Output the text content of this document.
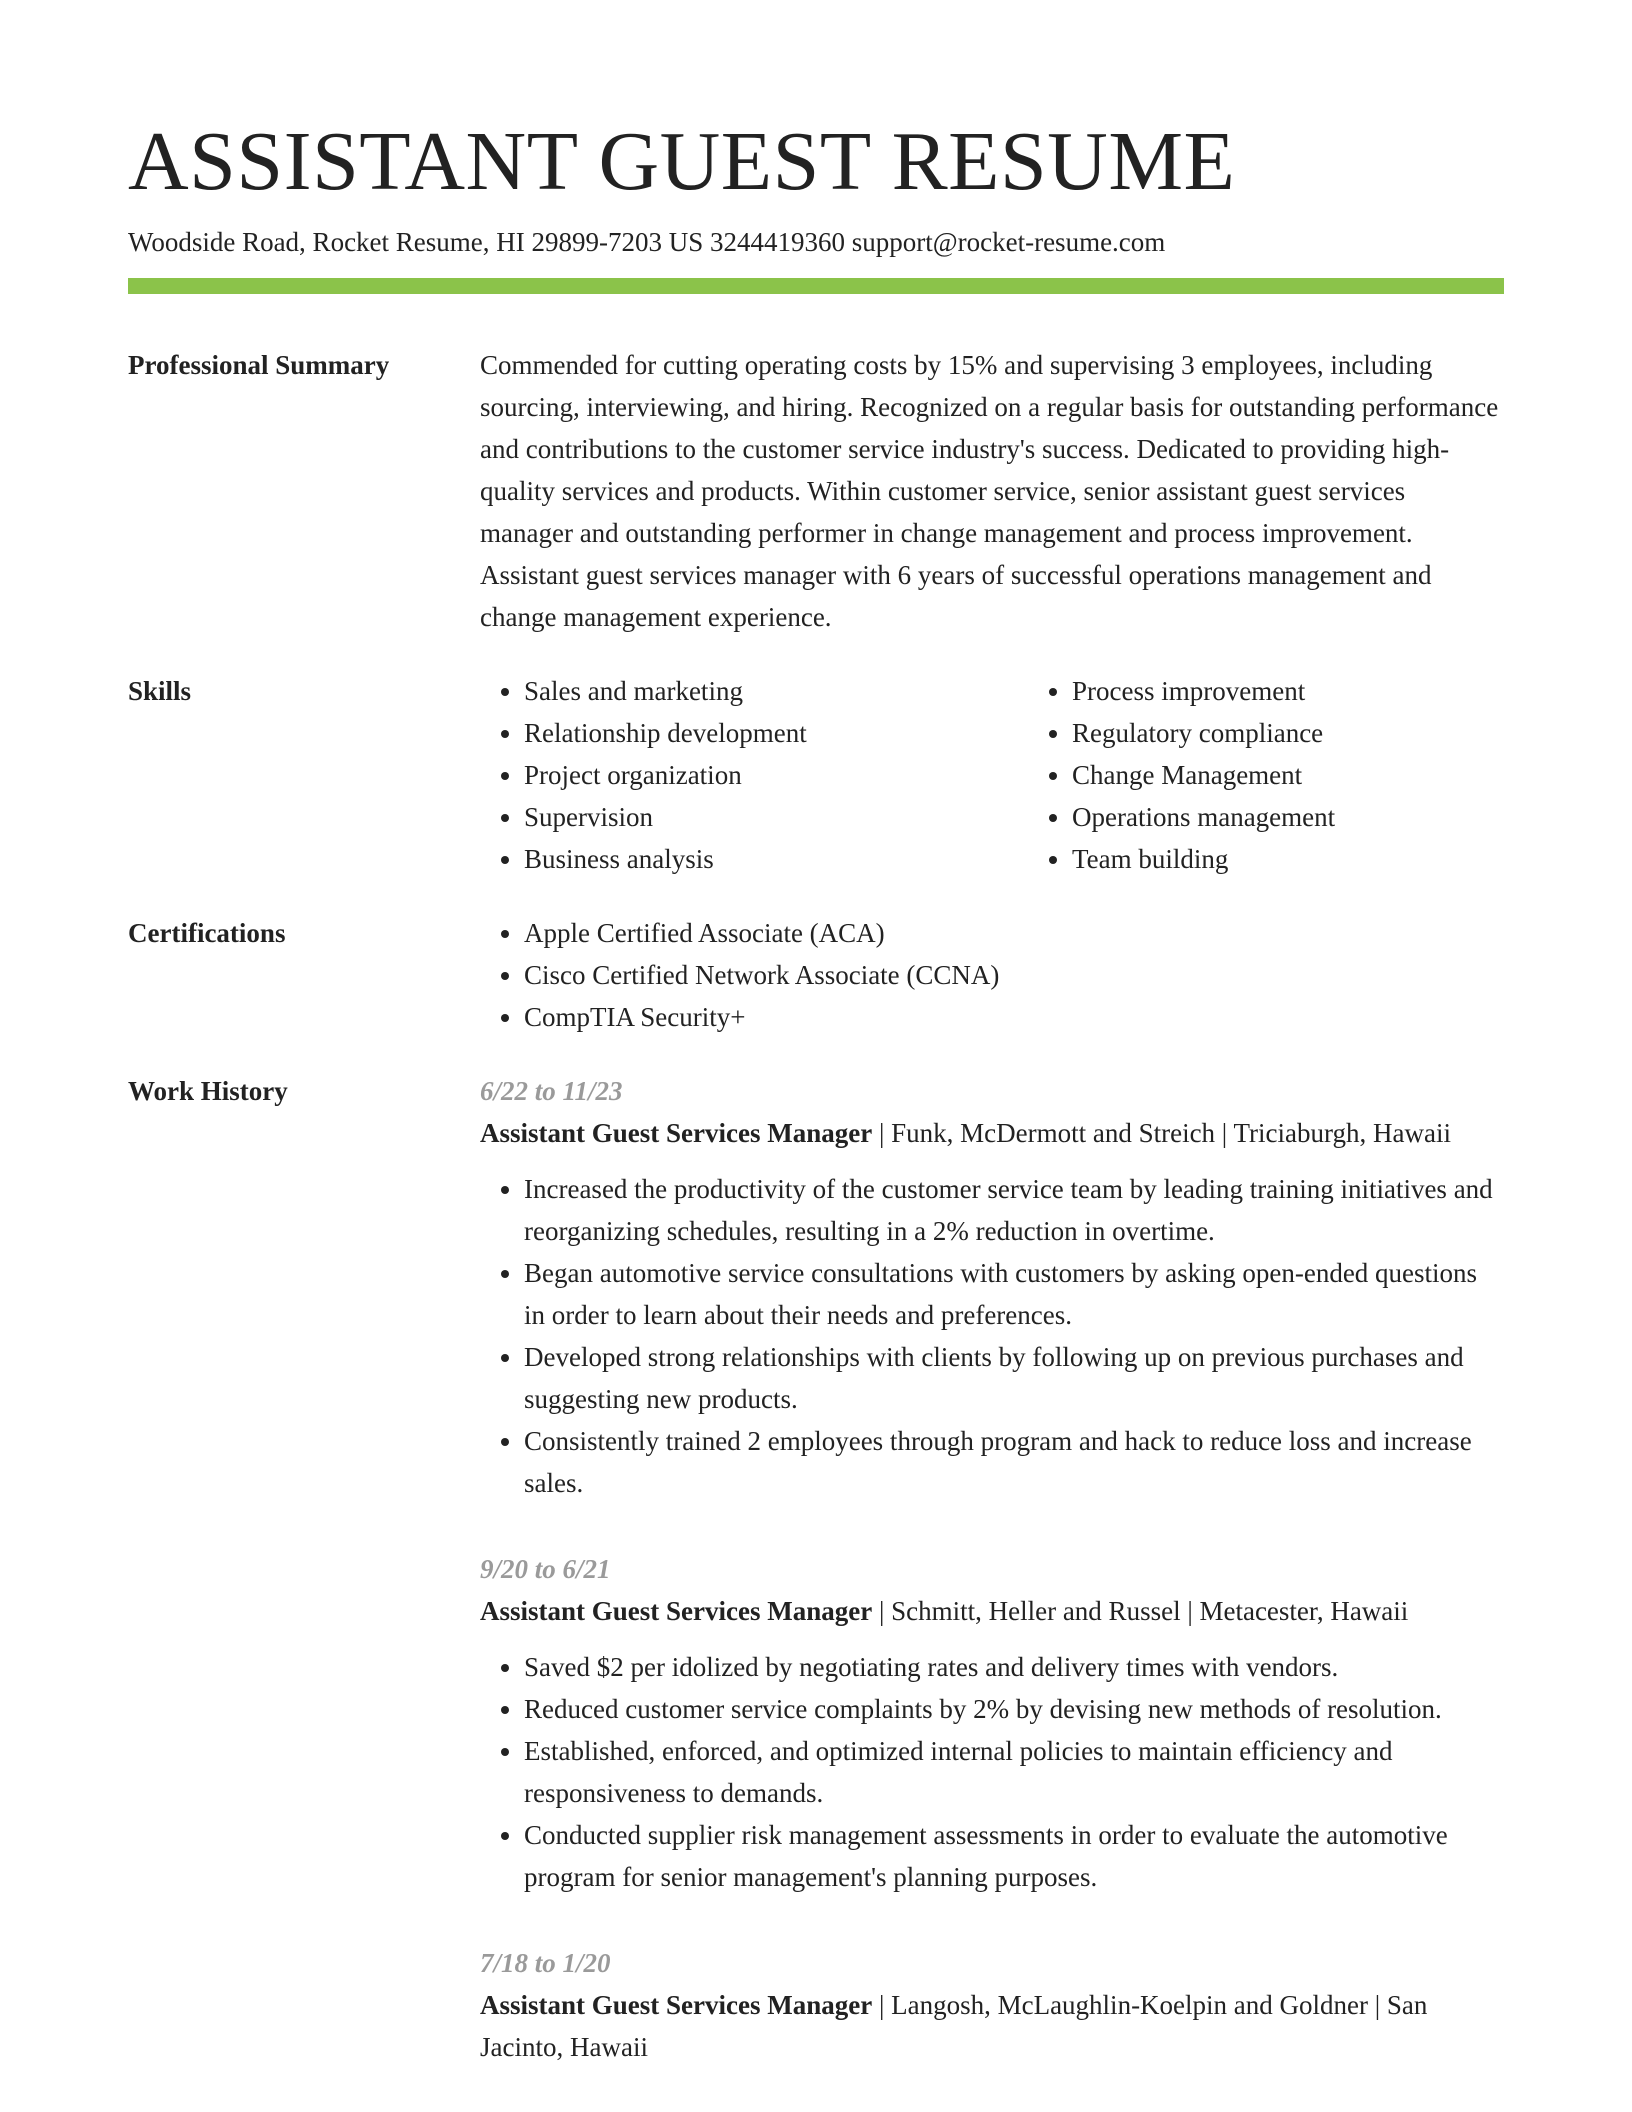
ASSISTANT GUEST RESUME
Woodside Road, Rocket Resume, HI 29899-7203 US 3244419360 support@rocket-resume.com
Professional Summary	Commended for cutting operating costs by 15% and supervising 3 employees, including sourcing, interviewing, and hiring. Recognized on a regular basis for outstanding performance and contributions to the customer service industry's success. Dedicated to providing high-quality services and products. Within customer service, senior assistant guest services manager and outstanding performer in change management and process improvement. Assistant guest services manager with 6 years of successful operations management and change management experience.
Skills	• Sales and marketing
• Relationship development
• Project organization
• Supervision
• Business analysis
• Process improvement
• Regulatory compliance
• Change Management
• Operations management
• Team building
Certifications	• Apple Certified Associate (ACA)
• Cisco Certified Network Associate (CCNA)
• CompTIA Security+
Work History	6/22 to 11/23
Assistant Guest Services Manager | Funk, McDermott and Streich | Triciaburgh, Hawaii
• Increased the productivity of the customer service team by leading training initiatives and reorganizing schedules, resulting in a 2% reduction in overtime.
• Began automotive service consultations with customers by asking open-ended questions in order to learn about their needs and preferences.
• Developed strong relationships with clients by following up on previous purchases and suggesting new products.
• Consistently trained 2 employees through program and hack to reduce loss and increase sales.
9/20 to 6/21
Assistant Guest Services Manager | Schmitt, Heller and Russel | Metacester, Hawaii
• Saved $2 per idolized by negotiating rates and delivery times with vendors.
• Reduced customer service complaints by 2% by devising new methods of resolution.
• Established, enforced, and optimized internal policies to maintain efficiency and responsiveness to demands.
• Conducted supplier risk management assessments in order to evaluate the automotive program for senior management's planning purposes.
7/18 to 1/20
Assistant Guest Services Manager | Langosh, McLaughlin-Koelpin and Goldner | San Jacinto, Hawaii
